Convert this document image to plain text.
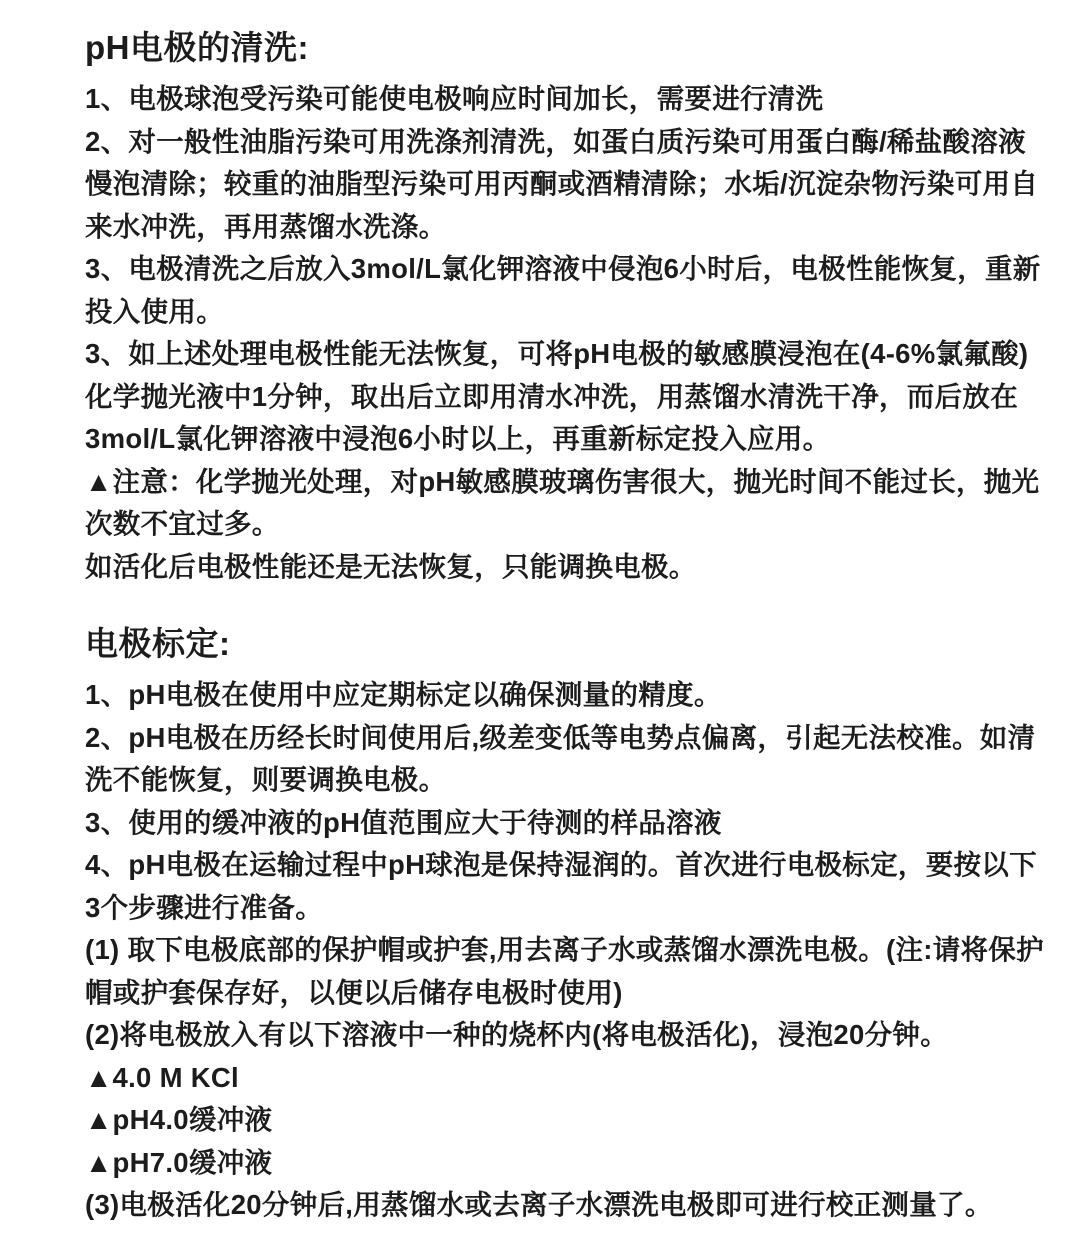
pH电极的清洗:
1、电极球泡受污染可能使电极响应时间加长，需要进行清洗
2、对一般性油脂污染可用洗涤剂清洗，如蛋白质污染可用蛋白酶/稀盐酸溶液
慢泡清除；较重的油脂型污染可用丙酮或酒精清除；水垢/沉淀杂物污染可用自
来水冲洗，再用蒸馏水洗涤。
3、电极清洗之后放入3mol/L氯化钾溶液中侵泡6小时后，电极性能恢复，重新
投入使用。
3、如上述处理电极性能无法恢复，可将pH电极的敏感膜浸泡在(4-6%氯氟酸)
化学抛光液中1分钟，取出后立即用清水冲洗，用蒸馏水清洗干净，而后放在
3mol/L氯化钾溶液中浸泡6小时以上，再重新标定投入应用。
▲注意：化学抛光处理，对pH敏感膜玻璃伤害很大，抛光时间不能过长，抛光
次数不宜过多。
如活化后电极性能还是无法恢复，只能调换电极。
电极标定:
1、pH电极在使用中应定期标定以确保测量的精度。
2、pH电极在历经长时间使用后,级差变低等电势点偏离，引起无法校准。如清
洗不能恢复，则要调换电极。
3、使用的缓冲液的pH值范围应大于待测的样品溶液
4、pH电极在运输过程中pH球泡是保持湿润的。首次进行电极标定，要按以下
3个步骤进行准备。
(1) 取下电极底部的保护帽或护套,用去离子水或蒸馏水漂洗电极。(注:请将保护
帽或护套保存好，以便以后储存电极时使用)
(2)将电极放入有以下溶液中一种的烧杯内(将电极活化)，浸泡20分钟。
▲4.0 M KCl
▲pH4.0缓冲液
▲pH7.0缓冲液
(3)电极活化20分钟后,用蒸馏水或去离子水漂洗电极即可进行校正测量了。
